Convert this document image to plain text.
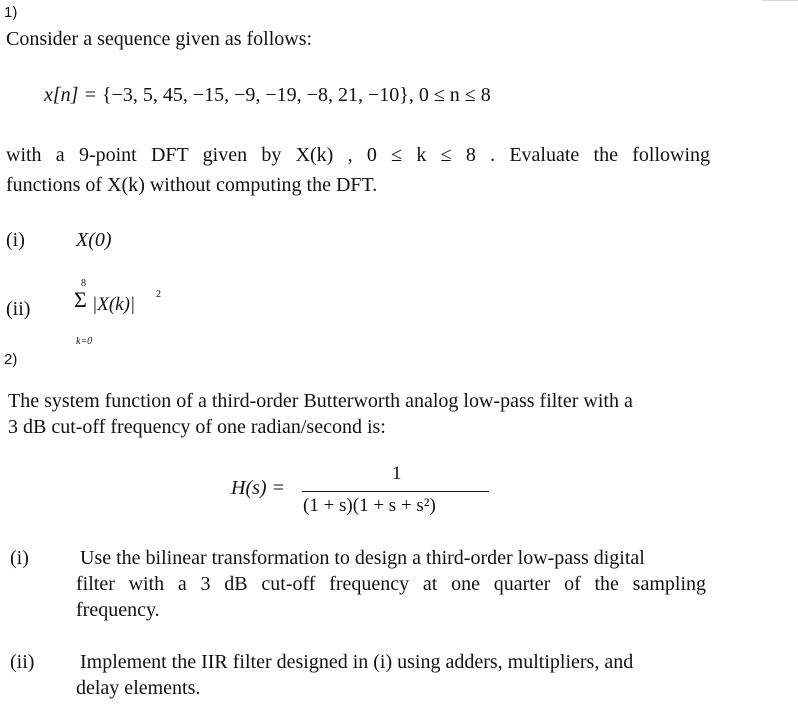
1)
Consider a sequence given as follows:
x[n] = {−3, 5, 45, −15, −9, −19, −8, 21, −10}, 0 ≤ n ≤ 8
with a 9-point DFT given by X(k) , 0 ≤ k ≤ 8 . Evaluate the following
functions of X(k) without computing the DFT.
(i)	X(0)
(ii)
8
Σ |X(k)| 2
k=0
2)
The system function of a third-order Butterworth analog low-pass filter with a
3 dB cut-off frequency of one radian/second is:
H(s) =
1
(1 + s)(1 + s + s²)
(i)	Use the bilinear transformation to design a third-order low-pass digital
filter with a 3 dB cut-off frequency at one quarter of the sampling
frequency.
(ii) Implement the IIR filter designed in (i) using adders, multipliers, and
delay elements.
